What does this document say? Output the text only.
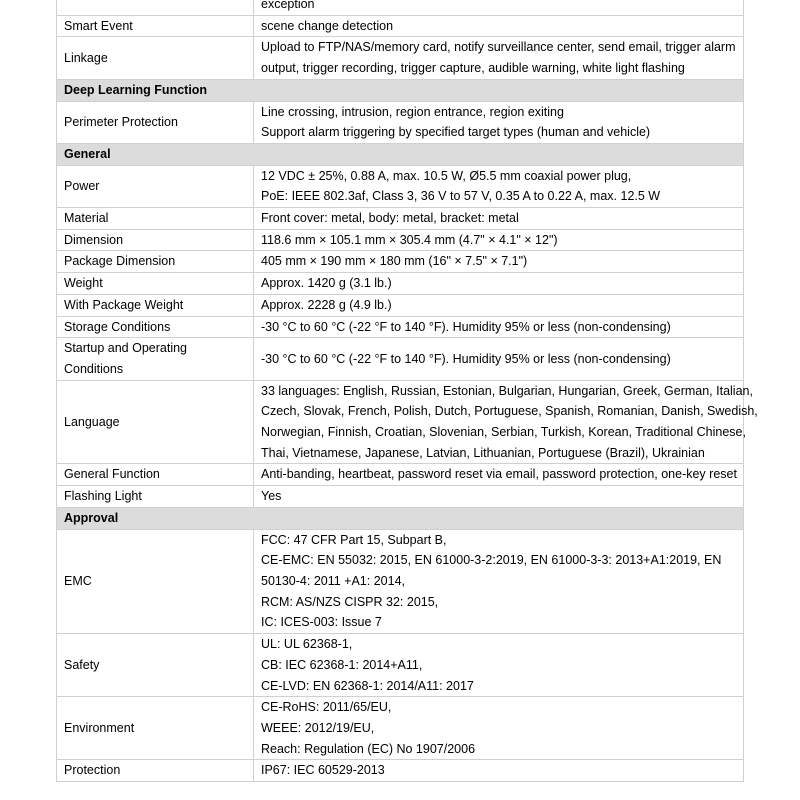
	exception

Smart Event	scene change detection

Linkage	Upload to FTP/NAS/memory card, notify surveillance center, send email, trigger alarm
output, trigger recording, trigger capture, audible warning, white light flashing

Deep Learning Function	
Perimeter Protection	Line crossing, intrusion, region entrance, region exiting
Support alarm triggering by specified target types (human and vehicle)

General	
Power	12 VDC ± 25%, 0.88 A, max. 10.5 W, Ø5.5 mm coaxial power plug,
PoE: IEEE 802.3af, Class 3, 36 V to 57 V, 0.35 A to 0.22 A, max. 12.5 W

Material	Front cover: metal, body: metal, bracket: metal

Dimension	118.6 mm × 105.1 mm × 305.4 mm (4.7" × 4.1" × 12")

Package Dimension	405 mm × 190 mm × 180 mm (16" × 7.5" × 7.1")

Weight	Approx. 1420 g (3.1 lb.)

With Package Weight	Approx. 2228 g (4.9 lb.)

Storage Conditions	-30 °C to 60 °C (-22 °F to 140 °F). Humidity 95% or less (non-condensing)

Startup and Operating
Conditions	-30 °C to 60 °C (-22 °F to 140 °F). Humidity 95% or less (non-condensing)

Language	33 languages: English, Russian, Estonian, Bulgarian, Hungarian, Greek, German, Italian,
Czech, Slovak, French, Polish, Dutch, Portuguese, Spanish, Romanian, Danish, Swedish,
Norwegian, Finnish, Croatian, Slovenian, Serbian, Turkish, Korean, Traditional Chinese,
Thai, Vietnamese, Japanese, Latvian, Lithuanian, Portuguese (Brazil), Ukrainian

General Function	Anti-banding, heartbeat, password reset via email, password protection, one-key reset

Flashing Light	Yes

Approval	
EMC	FCC: 47 CFR Part 15, Subpart B,
CE-EMC: EN 55032: 2015, EN 61000-3-2:2019, EN 61000-3-3: 2013+A1:2019, EN
50130-4: 2011 +A1: 2014,
RCM: AS/NZS CISPR 32: 2015,
IC: ICES-003: Issue 7

Safety	UL: UL 62368-1,
CB: IEC 62368-1: 2014+A11,
CE-LVD: EN 62368-1: 2014/A11: 2017

Environment	CE-RoHS: 2011/65/EU,
WEEE: 2012/19/EU,
Reach: Regulation (EC) No 1907/2006

Protection	IP67: IEC 60529-2013
